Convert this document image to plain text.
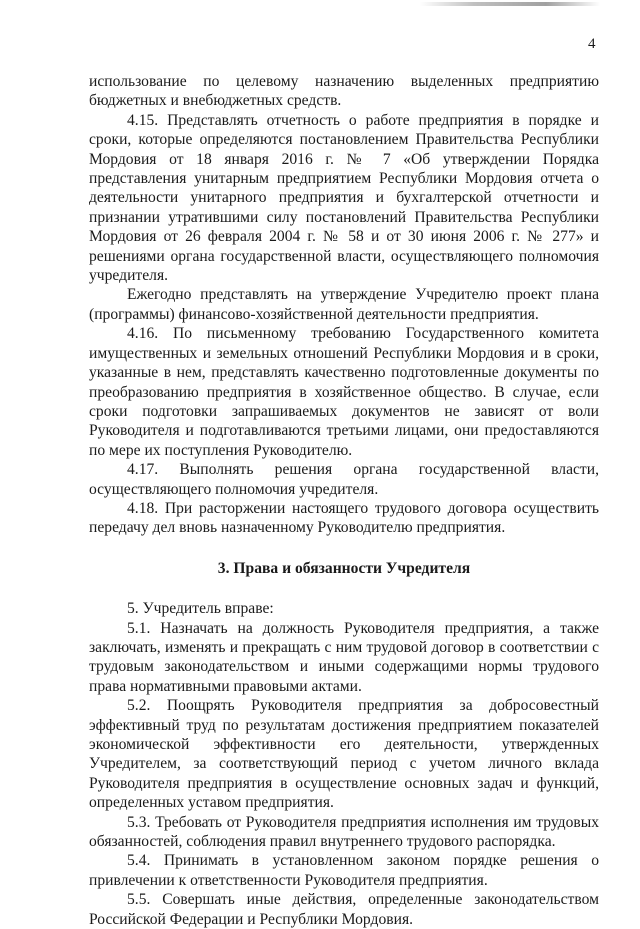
4

использование по целевому назначению выделенных предприятию бюджетных и внебюджетных средств.

4.15. Представлять отчетность о работе предприятия в порядке и сроки, которые определяются постановлением Правительства Республики Мордовия от 18 января 2016 г. № 7 «Об утверждении Порядка представления унитарным предприятием Республики Мордовия отчета о деятельности унитарного предприятия и бухгалтерской отчетности и признании утратившими силу постановлений Правительства Республики Мордовия от 26 февраля 2004 г. № 58 и от 30 июня 2006 г. № 277» и решениями органа государственной власти, осуществляющего полномочия учредителя.

Ежегодно представлять на утверждение Учредителю проект плана (программы) финансово-хозяйственной деятельности предприятия.

4.16. По письменному требованию Государственного комитета имущественных и земельных отношений Республики Мордовия и в сроки, указанные в нем, представлять качественно подготовленные документы по преобразованию предприятия в хозяйственное общество. В случае, если сроки подготовки запрашиваемых документов не зависят от воли Руководителя и подготавливаются третьими лицами, они предоставляются по мере их поступления Руководителю.

4.17. Выполнять решения органа государственной власти, осуществляющего полномочия учредителя.

4.18. При расторжении настоящего трудового договора осуществить передачу дел вновь назначенному Руководителю предприятия.

3. Права и обязанности Учредителя

5. Учредитель вправе:

5.1. Назначать на должность Руководителя предприятия, а также заключать, изменять и прекращать с ним трудовой договор в соответствии с трудовым законодательством и иными содержащими нормы трудового права нормативными правовыми актами.

5.2. Поощрять Руководителя предприятия за добросовестный эффективный труд по результатам достижения предприятием показателей экономической эффективности его деятельности, утвержденных Учредителем, за соответствующий период с учетом личного вклада Руководителя предприятия в осуществление основных задач и функций, определенных уставом предприятия.

5.3. Требовать от Руководителя предприятия исполнения им трудовых обязанностей, соблюдения правил внутреннего трудового распорядка.

5.4. Принимать в установленном законом порядке решения о привлечении к ответственности Руководителя предприятия.

5.5. Совершать иные действия, определенные законодательством Российской Федерации и Республики Мордовия.
